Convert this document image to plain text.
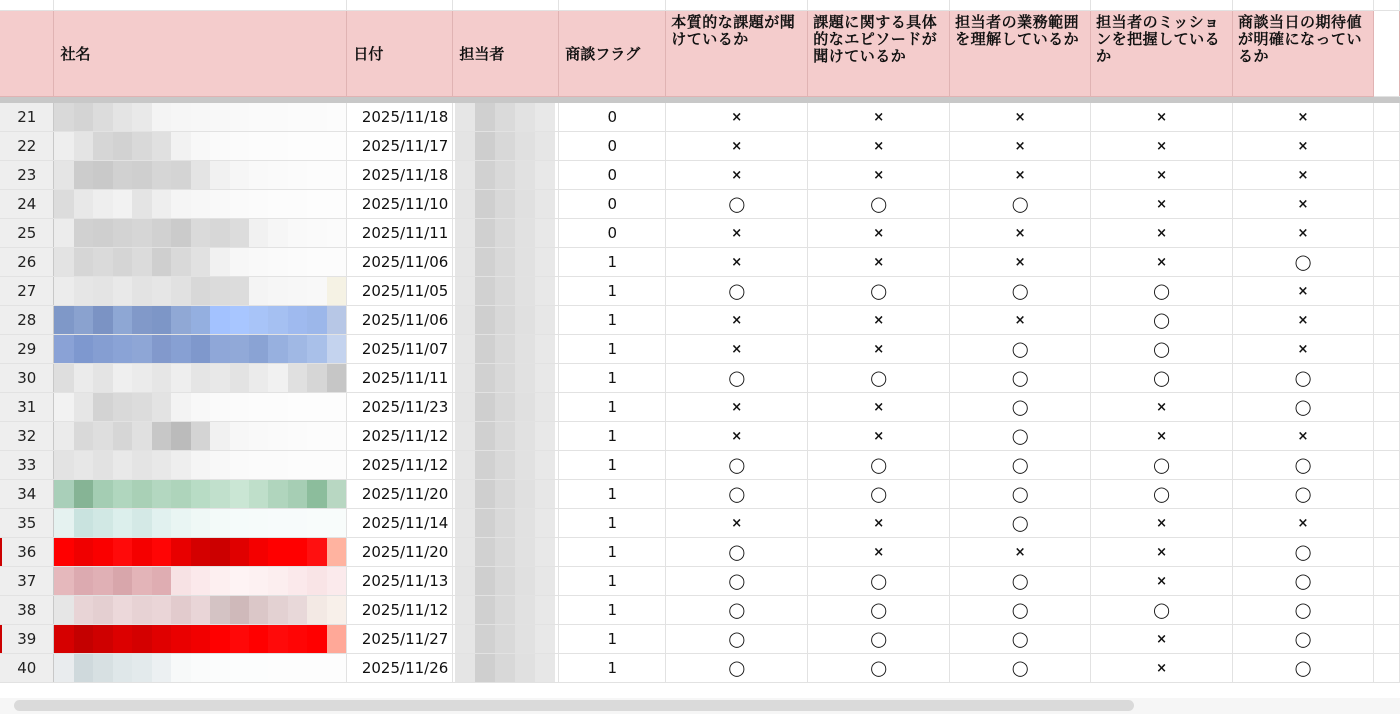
	社名	日付	担当者	商談フラグ	本質的な課題が聞けているか	課題に関する具体的なエピソードが聞けているか	担当者の業務範囲を理解しているか	担当者のミッションを把握しているか	商談当日の期待値が明確になっているか	

21		2025/11/18		0	×	×	×	×	×	
22		2025/11/17		0	×	×	×	×	×	
23		2025/11/18		0	×	×	×	×	×	
24		2025/11/10		0	◯	◯	◯	×	×	
25		2025/11/11		0	×	×	×	×	×	
26		2025/11/06		1	×	×	×	×	◯	
27		2025/11/05		1	◯	◯	◯	◯	×	
28		2025/11/06		1	×	×	×	◯	×	
29		2025/11/07		1	×	×	◯	◯	×	
30		2025/11/11		1	◯	◯	◯	◯	◯	
31		2025/11/23		1	×	×	◯	×	◯	
32		2025/11/12		1	×	×	◯	×	×	
33		2025/11/12		1	◯	◯	◯	◯	◯	
34		2025/11/20		1	◯	◯	◯	◯	◯	
35		2025/11/14		1	×	×	◯	×	×	
36		2025/11/20		1	◯	×	×	×	◯	
37		2025/11/13		1	◯	◯	◯	×	◯	
38		2025/11/12		1	◯	◯	◯	◯	◯	
39		2025/11/27		1	◯	◯	◯	×	◯	
40		2025/11/26		1	◯	◯	◯	×	◯	
